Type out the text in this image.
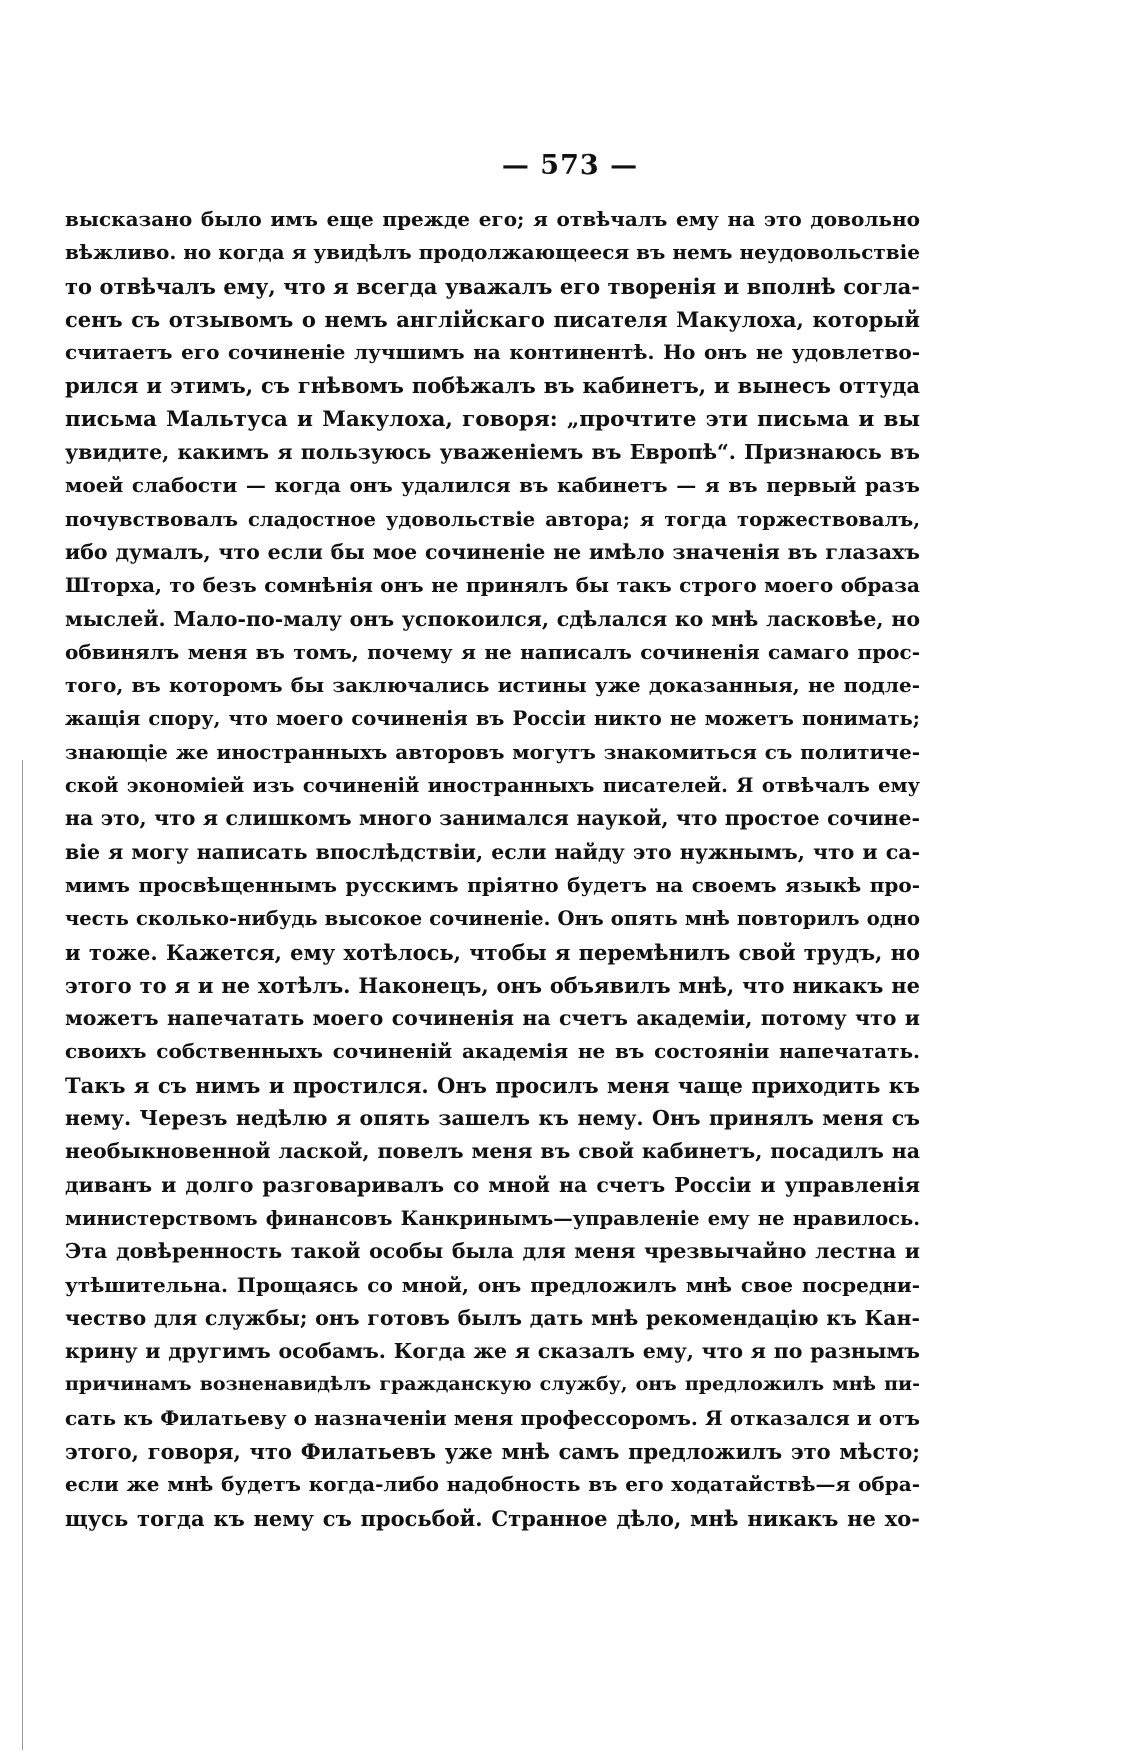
— 573 —
высказано было имъ еще прежде его; я отвѣчалъ ему на это довольно
вѣжливо. но когда я увидѣлъ продолжающееся въ немъ неудовольствіе
то отвѣчалъ ему, что я всегда уважалъ его творенія и вполнѣ согла-
сенъ съ отзывомъ о немъ англійскаго писателя Макулоха, который
считаетъ его сочиненіе лучшимъ на континентѣ. Но онъ не удовлетво-
рился и этимъ, съ гнѣвомъ побѣжалъ въ кабинетъ, и вынесъ оттуда
письма Мальтуса и Макулоха, говоря: „прочтите эти письма и вы
увидите, какимъ я пользуюсь уваженіемъ въ Европѣ“. Признаюсь въ
моей слабости — когда онъ удалился въ кабинетъ — я въ первый разъ
почувствовалъ сладостное удовольствіе автора; я тогда торжествовалъ,
ибо думалъ, что если бы мое сочиненіе не имѣло значенія въ глазахъ
Шторха, то безъ сомнѣнія онъ не принялъ бы такъ строго моего образа
мыслей. Мало-по-малу онъ успокоился, сдѣлался ко мнѣ ласковѣе, но
обвинялъ меня въ томъ, почему я не написалъ сочиненія самаго прос-
того, въ которомъ бы заключались истины уже доказанныя, не подле-
жащія спору, что моего сочиненія въ Россіи никто не можетъ понимать;
знающіе же иностранныхъ авторовъ могутъ знакомиться съ политиче-
ской экономіей изъ сочиненій иностранныхъ писателей. Я отвѣчалъ ему
на это, что я слишкомъ много занимался наукой, что простое сочине-
віе я могу написать впослѣдствіи, если найду это нужнымъ, что и са-
мимъ просвѣщеннымъ русскимъ пріятно будетъ на своемъ языкѣ про-
честь сколько-нибудь высокое сочиненіе. Онъ опять мнѣ повторилъ одно
и тоже. Кажется, ему хотѣлось, чтобы я перемѣнилъ свой трудъ, но
этого то я и не хотѣлъ. Наконецъ, онъ объявилъ мнѣ, что никакъ не
можетъ напечатать моего сочиненія на счетъ академіи, потому что и
своихъ собственныхъ сочиненій академія не въ состояніи напечатать.
Такъ я съ нимъ и простился. Онъ просилъ меня чаще приходить къ
нему. Черезъ недѣлю я опять зашелъ къ нему. Онъ принялъ меня съ
необыкновенной лаской, повелъ меня въ свой кабинетъ, посадилъ на
диванъ и долго разговаривалъ со мной на счетъ Россіи и управленія
министерствомъ финансовъ Канкринымъ—управленіе ему не нравилось.
Эта довѣренность такой особы была для меня чрезвычайно лестна и
утѣшительна. Прощаясь со мной, онъ предложилъ мнѣ свое посредни-
чество для службы; онъ готовъ былъ дать мнѣ рекомендацію къ Кан-
крину и другимъ особамъ. Когда же я сказалъ ему, что я по разнымъ
причинамъ возненавидѣлъ гражданскую службу, онъ предложилъ мнѣ пи-
сать къ Филатьеву о назначеніи меня профессоромъ. Я отказался и отъ
этого, говоря, что Филатьевъ уже мнѣ самъ предложилъ это мѣсто;
если же мнѣ будетъ когда-либо надобность въ его ходатайствѣ—я обра-
щусь тогда къ нему съ просьбой. Странное дѣло, мнѣ никакъ не хо-
